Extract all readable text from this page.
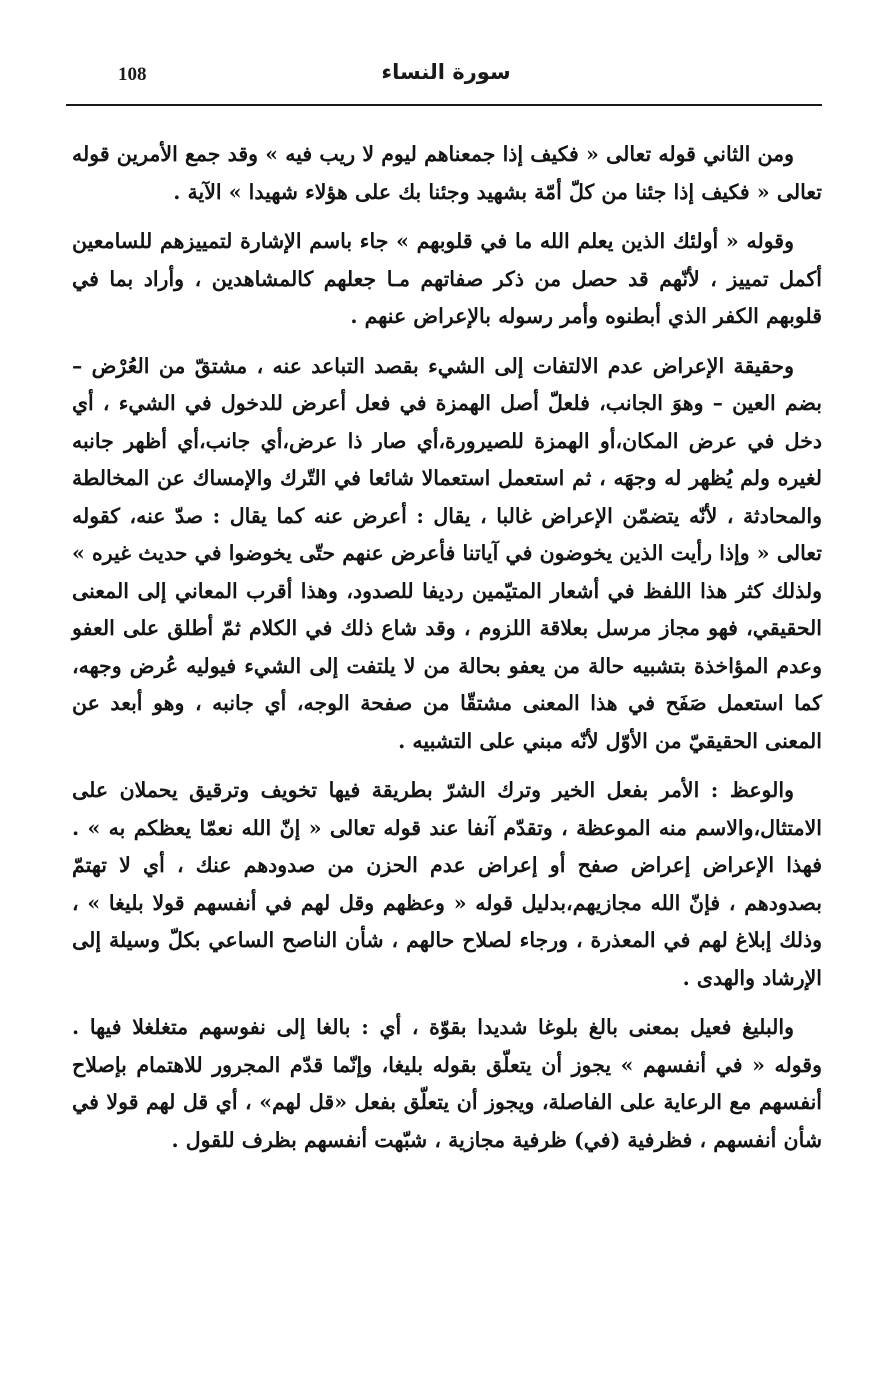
108	سورة النساء

ومن الثاني قوله تعالى « فكيف إذا جمعناهم ليوم لا ريب فيه » وقد جمع الأمرين قوله تعالى « فكيف إذا جئنا من كلّ أمّة بشهيد وجئنا بك على هؤلاء شهيدا » الآية .

وقوله « أولئك الذين يعلم الله ما في قلوبهم » جاء باسم الإشارة لتمييزهم للسامعين أكمل تمييز ، لأنّهم قد حصل من ذكر صفاتهم مـا جعلهم كالمشاهدين ، وأراد بما في قلوبهم الكفر الذي أبطنوه وأمر رسوله بالإعراض عنهم .

وحقيقة الإعراض عدم الالتفات إلى الشيء بقصد التباعد عنه ، مشتقّ من العُرْض – بضم العين – وهوَ الجانب، فلعلّ أصل الهمزة في فعل أعرض للدخول في الشيء ، أي دخل في عرض المكان،أو الهمزة للصيرورة،أي صار ذا عرض،أي جانب،أي أظهر جانبه لغيره ولم يُظهر له وجهَه ، ثم استعمل استعمالا شائعا في التّرك والإمساك عن المخالطة والمحادثة ، لأنّه يتضمّن الإعراض غالبا ، يقال : أعرض عنه كما يقال : صدّ عنه، كقوله تعالى « وإذا رأيت الذين يخوضون في آياتنا فأعرض عنهم حتّى يخوضوا في حديث غيره » ولذلك كثر هذا اللفظ في أشعار المتيّمين رديفا للصدود، وهذا أقرب المعاني إلى المعنى الحقيقي، فهو مجاز مرسل بعلاقة اللزوم ، وقد شاع ذلك في الكلام ثمّ أطلق على العفو وعدم المؤاخذة بتشبيه حالة من يعفو بحالة من لا يلتفت إلى الشيء فيوليه عُرض وجهه، كما استعمل صَفَح في هذا المعنى مشتقّا من صفحة الوجه، أي جانبه ، وهو أبعد عن المعنى الحقيقيّ من الأوّل لأنّه مبني على التشبيه .

والوعظ : الأمر بفعل الخير وترك الشرّ بطريقة فيها تخويف وترقيق يحملان على الامتثال،والاسم منه الموعظة ، وتقدّم آنفا عند قوله تعالى « إنّ الله نعمّا يعظكم به » . فهذا الإعراض إعراض صفح أو إعراض عدم الحزن من صدودهم عنك ، أي لا تهتمّ بصدودهم ، فإنّ الله مجازيهم،بدليل قوله « وعظهم وقل لهم في أنفسهم قولا بليغا » ، وذلك إبلاغ لهم في المعذرة ، ورجاء لصلاح حالهم ، شأن الناصح الساعي بكلّ وسيلة إلى الإرشاد والهدى .

والبليغ فعيل بمعنى بالغ بلوغا شديدا بقوّة ، أي : بالغا إلى نفوسهم متغلغلا فيها . وقوله « في أنفسهم » يجوز أن يتعلّق بقوله بليغا، وإنّما قدّم المجرور للاهتمام بإصلاح أنفسهم مع الرعاية على الفاصلة، ويجوز أن يتعلّق بفعل «قل لهم» ، أي قل لهم قولا في شأن أنفسهم ، فظرفية (في) ظرفية مجازية ، شبّهت أنفسهم بظرف للقول .
